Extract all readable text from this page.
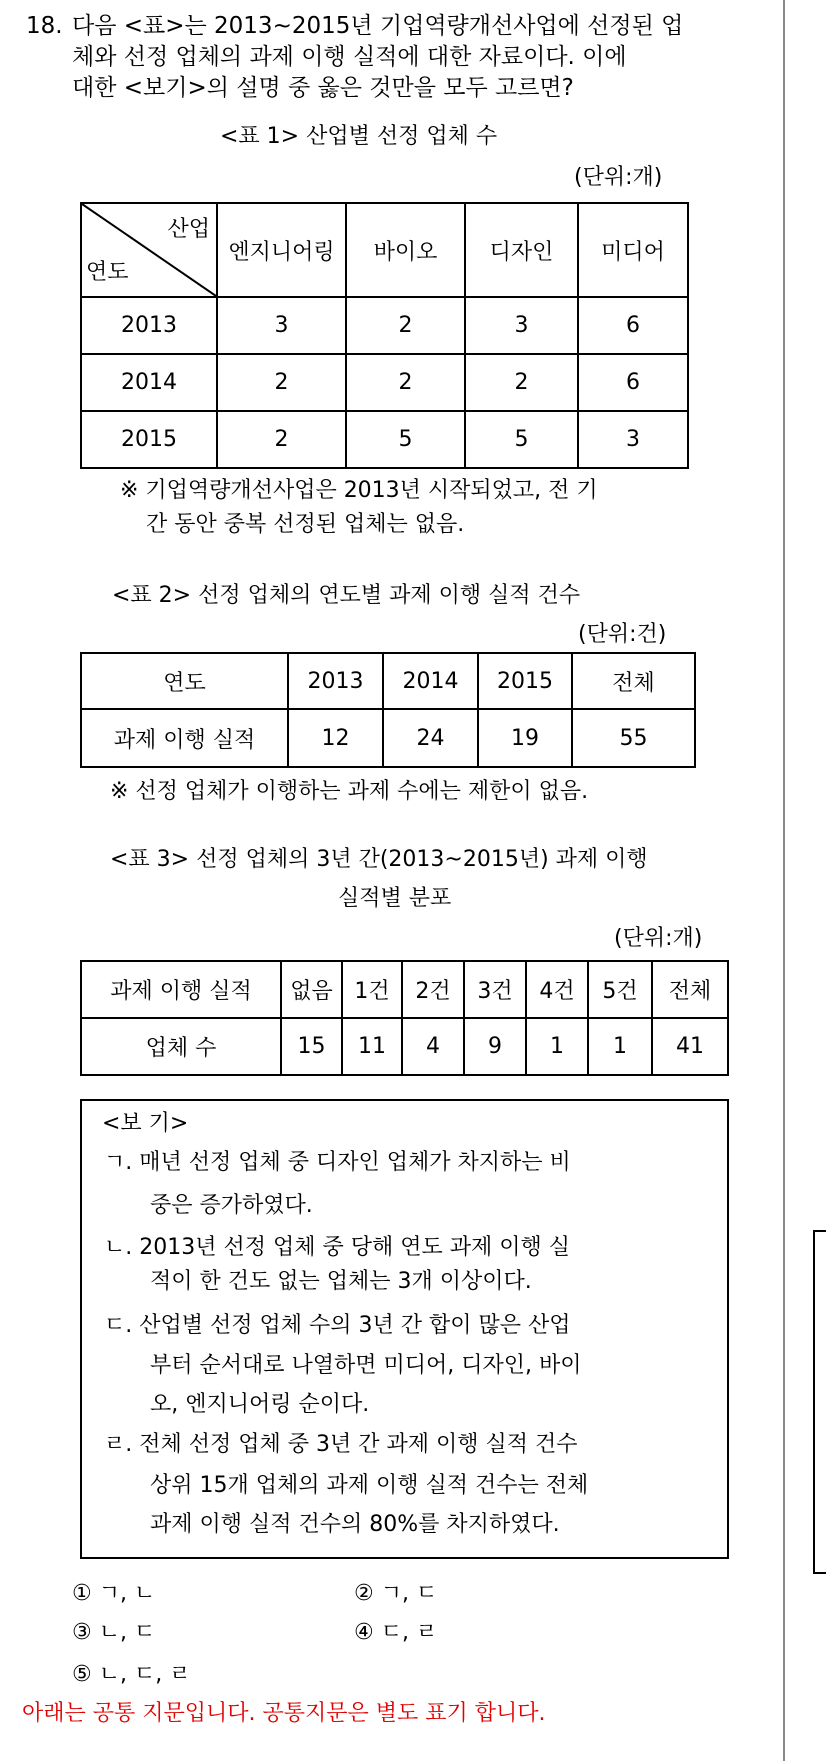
18. 다음 <표>는 2013~2015년 기업역량개선사업에 선정된 업
체와 선정 업체의 과제 이행 실적에 대한 자료이다. 이에
대한 <보기>의 설명 중 옳은 것만을 모두 고르면?
<표 1> 산업별 선정 업체 수
(단위:개)
산업
연도	엔지니어링	바이오	디자인	미디어
2013	3	2	3	6
2014	2	2	2	6
2015	2	5	5	3
※ 기업역량개선사업은 2013년 시작되었고, 전 기
간 동안 중복 선정된 업체는 없음.
<표 2> 선정 업체의 연도별 과제 이행 실적 건수
(단위:건)
연도	2013	2014	2015	전체
과제 이행 실적	12	24	19	55
※ 선정 업체가 이행하는 과제 수에는 제한이 없음.
<표 3> 선정 업체의 3년 간(2013~2015년) 과제 이행
실적별 분포
(단위:개)
과제 이행 실적	없음	1건	2건	3건	4건	5건	전체
업체 수	15	11	4	9	1	1	41
<보 기>
ㄱ. 매년 선정 업체 중 디자인 업체가 차지하는 비
중은 증가하였다.
ㄴ. 2013년 선정 업체 중 당해 연도 과제 이행 실
적이 한 건도 없는 업체는 3개 이상이다.
ㄷ. 산업별 선정 업체 수의 3년 간 합이 많은 산업
부터 순서대로 나열하면 미디어, 디자인, 바이
오, 엔지니어링 순이다.
ㄹ. 전체 선정 업체 중 3년 간 과제 이행 실적 건수
상위 15개 업체의 과제 이행 실적 건수는 전체
과제 이행 실적 건수의 80%를 차지하였다.
① ㄱ, ㄴ	② ㄱ, ㄷ
③ ㄴ, ㄷ	④ ㄷ, ㄹ
⑤ ㄴ, ㄷ, ㄹ
아래는 공통 지문입니다. 공통지문은 별도 표기 합니다.
